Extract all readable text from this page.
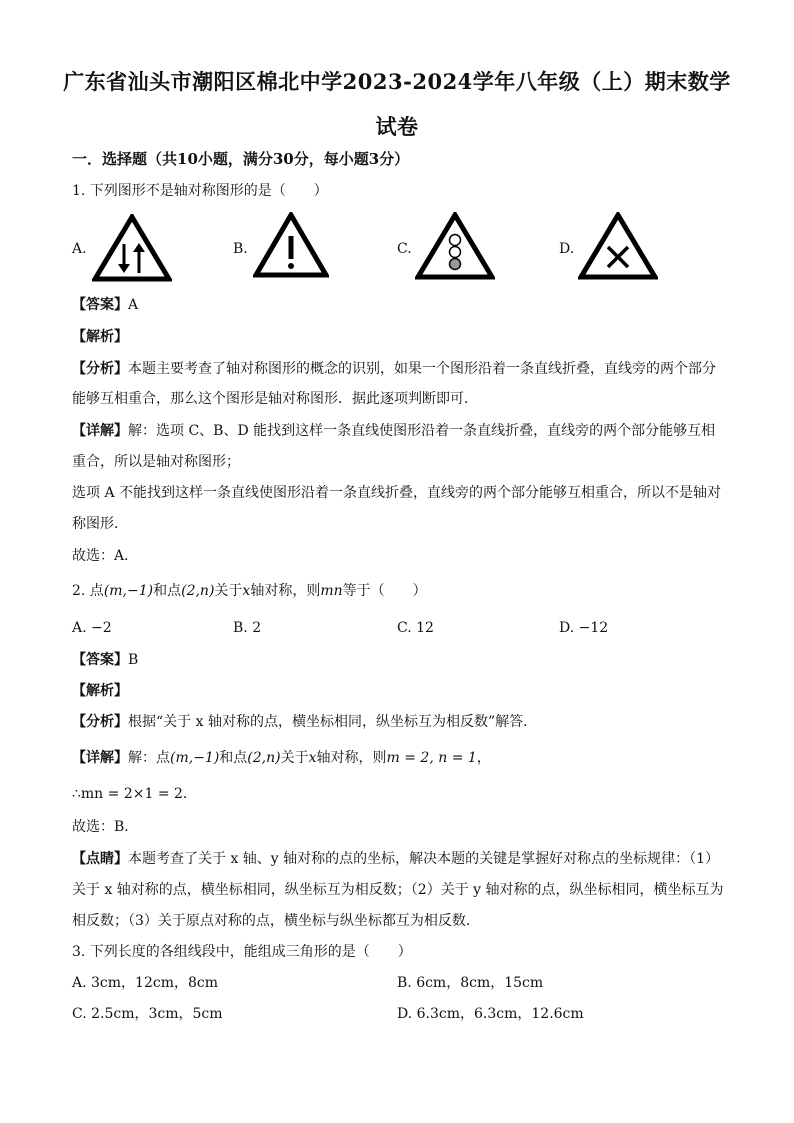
广东省汕头市潮阳区棉北中学2023-2024学年八年级（上）期末数学
试卷
一．选择题（共10小题，满分30分，每小题3分）
1. 下列图形不是轴对称图形的是（　　）
A.	B.	C.	D.
【答案】A
【解析】
【分析】本题主要考查了轴对称图形的概念的识别，如果一个图形沿着一条直线折叠，直线旁的两个部分
能够互相重合，那么这个图形是轴对称图形．据此逐项判断即可．
【详解】解：选项 C、B、D 能找到这样一条直线使图形沿着一条直线折叠，直线旁的两个部分能够互相
重合，所以是轴对称图形；
选项 A 不能找到这样一条直线使图形沿着一条直线折叠，直线旁的两个部分能够互相重合，所以不是轴对
称图形．
故选：A．
2. 点(m,−1)和点(2,n)关于x轴对称，则mn等于（　　）
A. −2	B. 2	C. 12	D. −12
【答案】B
【解析】
【分析】根据“关于 x 轴对称的点，横坐标相同，纵坐标互为相反数”解答．
【详解】解：点(m,−1)和点(2,n)关于x轴对称，则m = 2, n = 1，
∴mn = 2×1 = 2．
故选：B．
【点睛】本题考查了关于 x 轴、y 轴对称的点的坐标，解决本题的关键是掌握好对称点的坐标规律：（1）
关于 x 轴对称的点，横坐标相同，纵坐标互为相反数；（2）关于 y 轴对称的点，纵坐标相同，横坐标互为
相反数；（3）关于原点对称的点，横坐标与纵坐标都互为相反数．
3. 下列长度的各组线段中，能组成三角形的是（　　）
A. 3cm，12cm，8cm	B. 6cm，8cm，15cm
C. 2.5cm，3cm，5cm	D. 6.3cm，6.3cm，12.6cm
